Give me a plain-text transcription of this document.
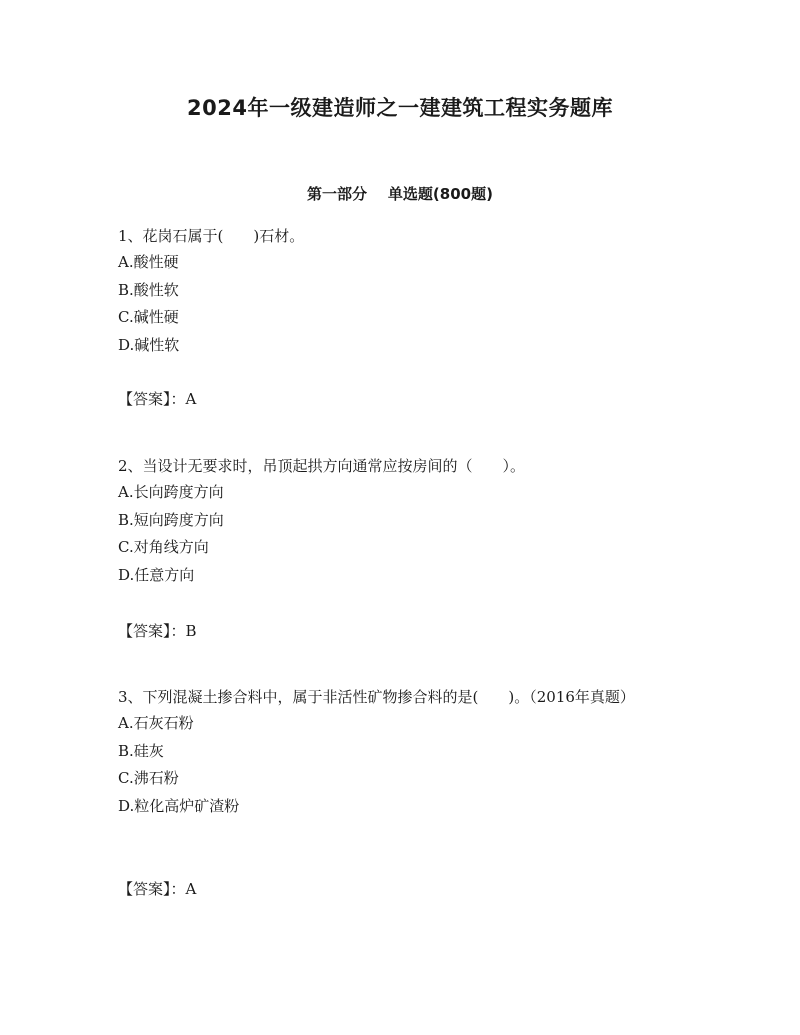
2024年一级建造师之一建建筑工程实务题库
第一部分    单选题(800题)

1、花岗石属于(　　)石材。

A.酸性硬

B.酸性软

C.碱性硬

D.碱性软

【答案】：A

2、当设计无要求时，吊顶起拱方向通常应按房间的（　　）。

A.长向跨度方向

B.短向跨度方向

C.对角线方向

D.任意方向

【答案】：B

3、下列混凝土掺合料中，属于非活性矿物掺合料的是(　　)。（2016年真题）

A.石灰石粉

B.硅灰

C.沸石粉

D.粒化高炉矿渣粉

【答案】：A
